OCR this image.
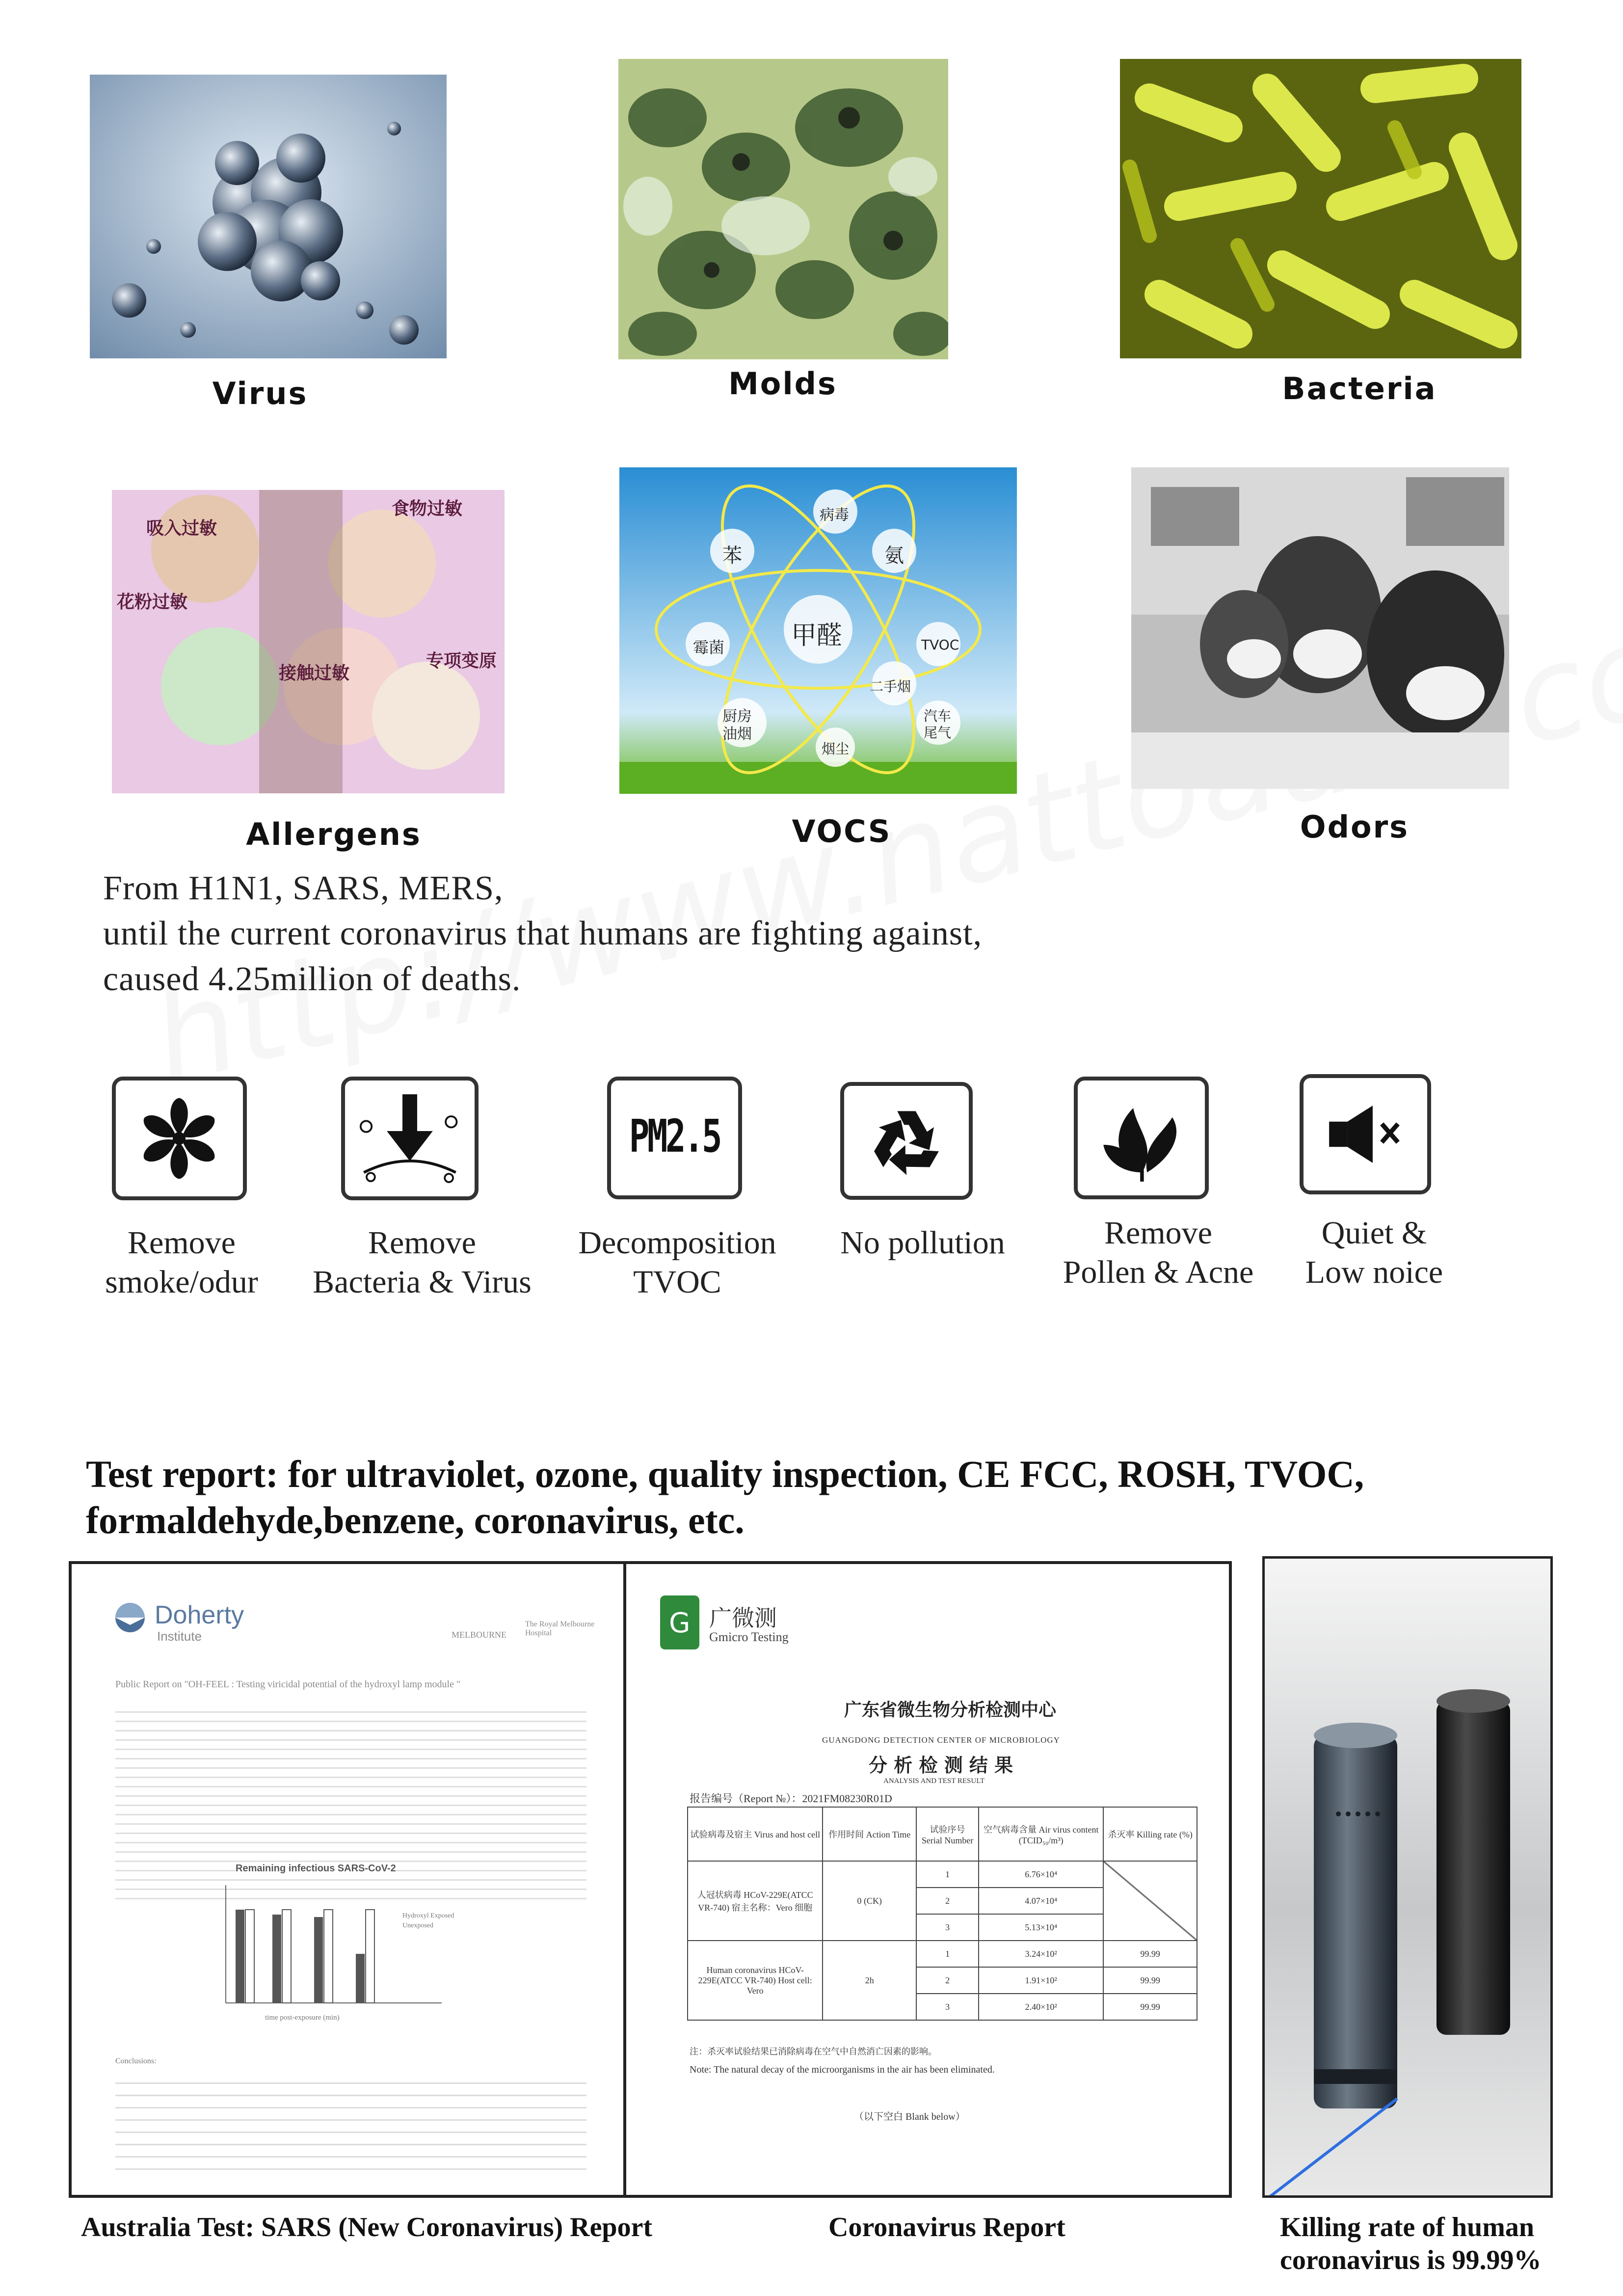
Virus	Molds	Bacteria
吸入过敏
食物过敏
花粉过敏
接触过敏
专项变原
病毒
苯	氨
甲醛
霉菌	TVOC
二手烟
厨房油烟
汽车尾气
烟尘
Allergens	VOCS	Odors
From H1N1, SARS, MERS,
until the current coronavirus that humans are fighting against,
caused 4.25million of deaths.
PM2.5
Remove
smoke/odur
Remove
Bacteria & Virus
Decomposition
TVOC
No pollution	Remove
Pollen & Acne
Quiet &
Low noice
Test report: for ultraviolet, ozone, quality inspection, CE FCC, ROSH, TVOC,
formaldehyde,benzene, coronavirus, etc.
Doherty
Institute	MELBOURNE
The Royal Melbourne Hospital
Public Report on "OH-FEEL : Testing viricidal potential of the hydroxyl lamp module "
Remaining infectious SARS-CoV-2
Hydroxyl Exposed
Unexposed
time post-exposure (min)
Conclusions:
G 广微测
Gmicro Testing
广东省微生物分析检测中心
GUANGDONG DETECTION CENTER OF MICROBIOLOGY
分 析 检 测 结 果
ANALYSIS AND TEST RESULT
报告编号（Report №）：2021FM08230R01D
试验病毒及宿主 Virus and host cell	作用时间 Action Time	试验序号 Serial Number	空气病毒含量 Air virus content (TCID₅₀/m³)	杀灭率 Killing rate (%)
人冠状病毒 HCoV-229E(ATCC VR-740) 宿主名称：Vero 细胞	0 (CK)	1	6.76×10⁴	
		2	4.07×10⁴	
		3	5.13×10⁴	
Human coronavirus HCoV-229E(ATCC VR-740) Host cell: Vero	2h	1	3.24×10²	99.99
		2	1.91×10²	99.99
		3	2.40×10²	99.99
注：杀灭率试验结果已消除病毒在空气中自然消亡因素的影响。
Note: The natural decay of the microorganisms in the air has been eliminated.
（以下空白 Blank below）
Australia Test: SARS (New Coronavirus) Report	Coronavirus Report	Killing rate of human
coronavirus is 99.99%
